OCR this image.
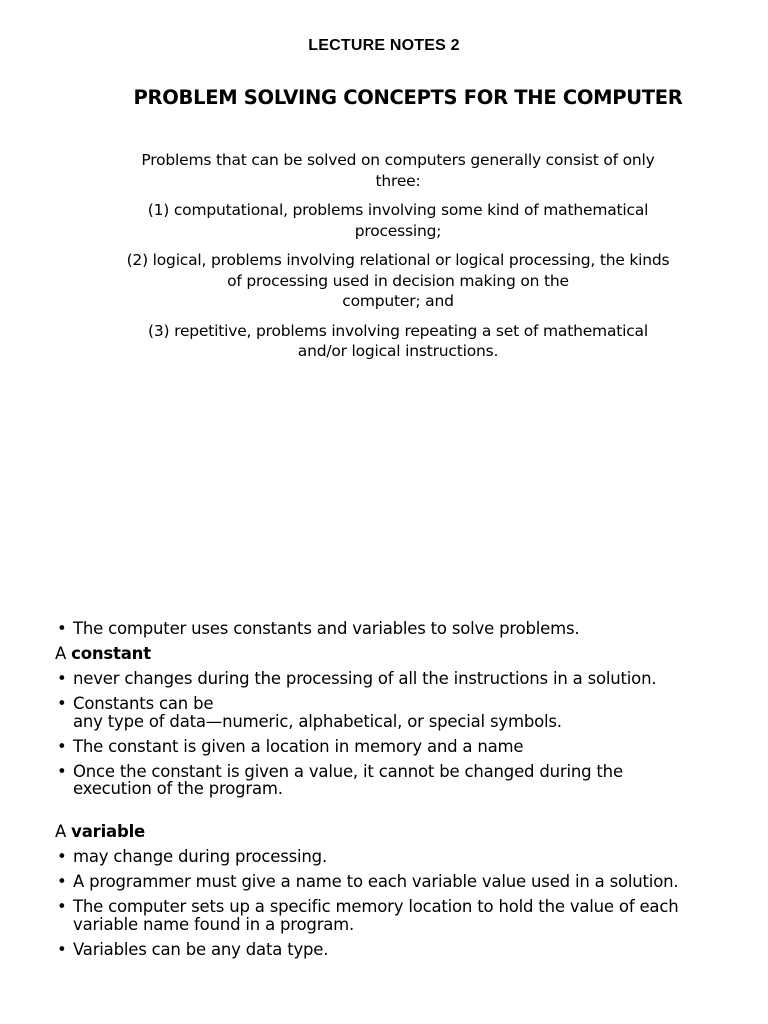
LECTURE NOTES 2
PROBLEM SOLVING CONCEPTS FOR THE COMPUTER

Problems that can be solved on computers generally consist of only
three:

(1) computational, problems involving some kind of mathematical
processing;

(2) logical, problems involving relational or logical processing, the kinds
of processing used in decision making on the
computer; and

(3) repetitive, problems involving repeating a set of mathematical
and/or logical instructions.

• The computer uses constants and variables to solve problems.
A constant
• never changes during the processing of all the instructions in a solution.
• Constants can be
any type of data—numeric, alphabetical, or special symbols.
• The constant is given a location in memory and a name
• Once the constant is given a value, it cannot be changed during the
execution of the program.
A variable
• may change during processing.
• A programmer must give a name to each variable value used in a solution.
• The computer sets up a specific memory location to hold the value of each
variable name found in a program.
• Variables can be any data type.
